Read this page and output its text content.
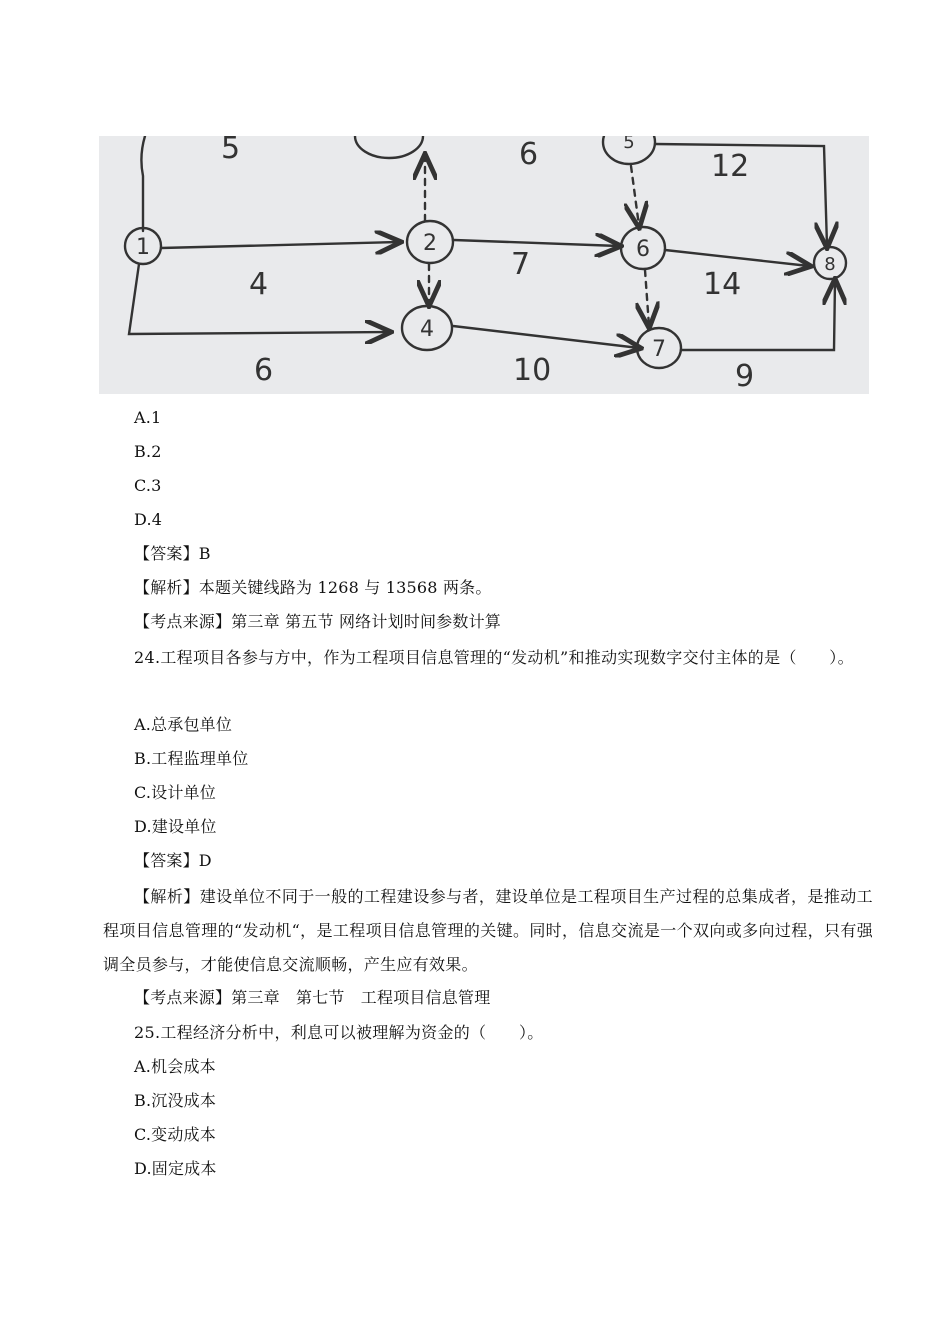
1	2
4
6
7
8
5
5	6	12
4
7
14
10	9
6
A.1
B.2
C.3
D.4
【答案】B
【解析】本题关键线路为 1268 与 13568 两条。
【考点来源】第三章 第五节 网络计划时间参数计算
24.工程项目各参与方中，作为工程项目信息管理的“发动机”和推动实现数字交付主体的是（　　）。
A.总承包单位
B.工程监理单位
C.设计单位
D.建设单位
【答案】D
【解析】建设单位不同于一般的工程建设参与者，建设单位是工程项目生产过程的总集成者，是推动工程项目信息管理的“发动机“，是工程项目信息管理的关键。同时，信息交流是一个双向或多向过程，只有强调全员参与，才能使信息交流顺畅，产生应有效果。
【考点来源】第三章　第七节　工程项目信息管理
25.工程经济分析中，利息可以被理解为资金的（　　）。
A.机会成本
B.沉没成本
C.变动成本
D.固定成本
